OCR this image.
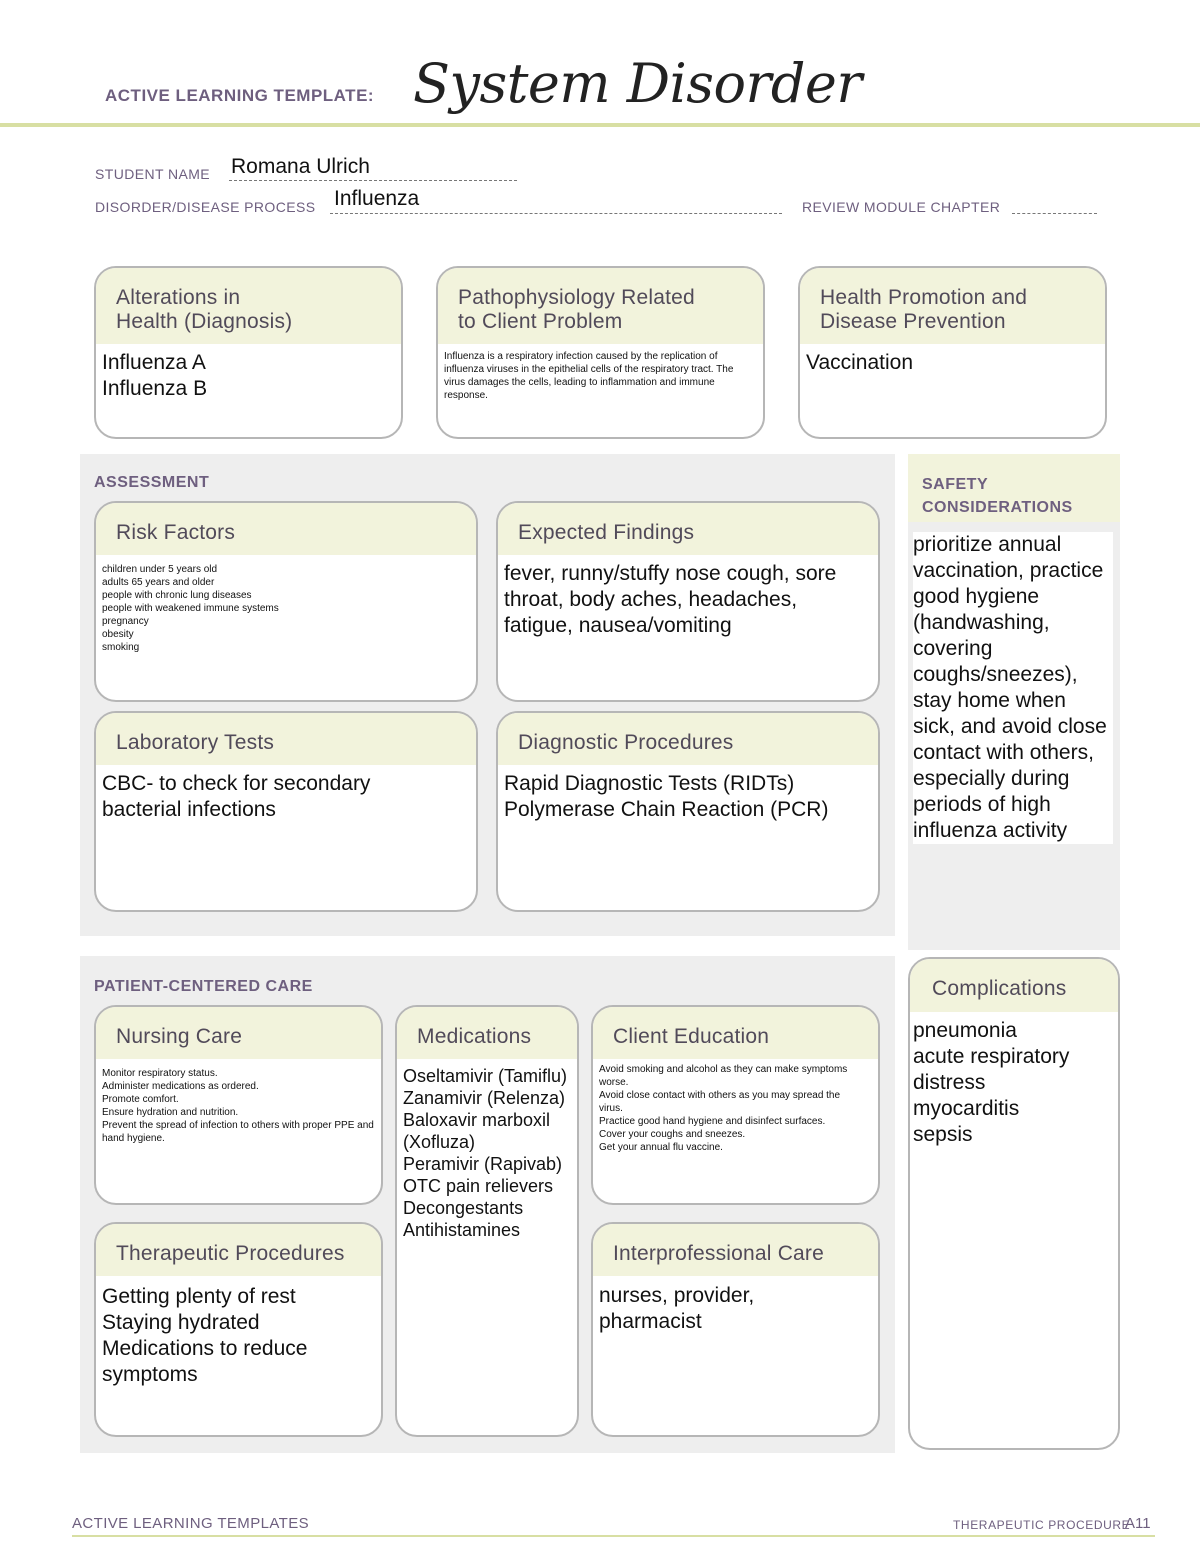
ACTIVE LEARNING TEMPLATE: System Disorder
STUDENT NAME Romana Ulrich
DISORDER/DISEASE PROCESS Influenza	REVIEW MODULE CHAPTER
Alterations in
Health (Diagnosis)
Influenza A
Influenza B
Pathophysiology Related
to Client Problem
Influenza is a respiratory infection caused by the replication of influenza viruses in the epithelial cells of the respiratory tract. The virus damages the cells, leading to inflammation and immune response.
Health Promotion and
Disease Prevention
Vaccination
ASSESSMENT
Risk Factors
children under 5 years old
adults 65 years and older
people with chronic lung diseases
people with weakened immune systems
pregnancy
obesity
smoking
Expected Findings
fever, runny/stuffy nose cough, sore throat, body aches, headaches, fatigue, nausea/vomiting
Laboratory Tests
CBC- to check for secondary bacterial infections
Diagnostic Procedures
Rapid Diagnostic Tests (RIDTs)
Polymerase Chain Reaction (PCR)
SAFETY
CONSIDERATIONS
prioritize annual vaccination, practice good hygiene (handwashing, covering coughs/sneezes), stay home when sick, and avoid close contact with others, especially during periods of high influenza activity
Complications
pneumonia
acute respiratory distress
myocarditis
sepsis
PATIENT-CENTERED CARE
Nursing Care
Monitor respiratory status.
Administer medications as ordered.
Promote comfort.
Ensure hydration and nutrition.
Prevent the spread of infection to others with proper PPE and hand hygiene.
Medications
Oseltamivir (Tamiflu)
Zanamivir (Relenza)
Baloxavir marboxil (Xofluza)
Peramivir (Rapivab)
OTC pain relievers
Decongestants
Antihistamines
Client Education
Avoid smoking and alcohol as they can make symptoms worse.
Avoid close contact with others as you may spread the virus.
Practice good hand hygiene and disinfect surfaces.
Cover your coughs and sneezes.
Get your annual flu vaccine.
Therapeutic Procedures
Getting plenty of rest
Staying hydrated
Medications to reduce symptoms
Interprofessional Care
nurses, provider, pharmacist
ACTIVE LEARNING TEMPLATES	THERAPEUTIC PROCEDURE
A11
